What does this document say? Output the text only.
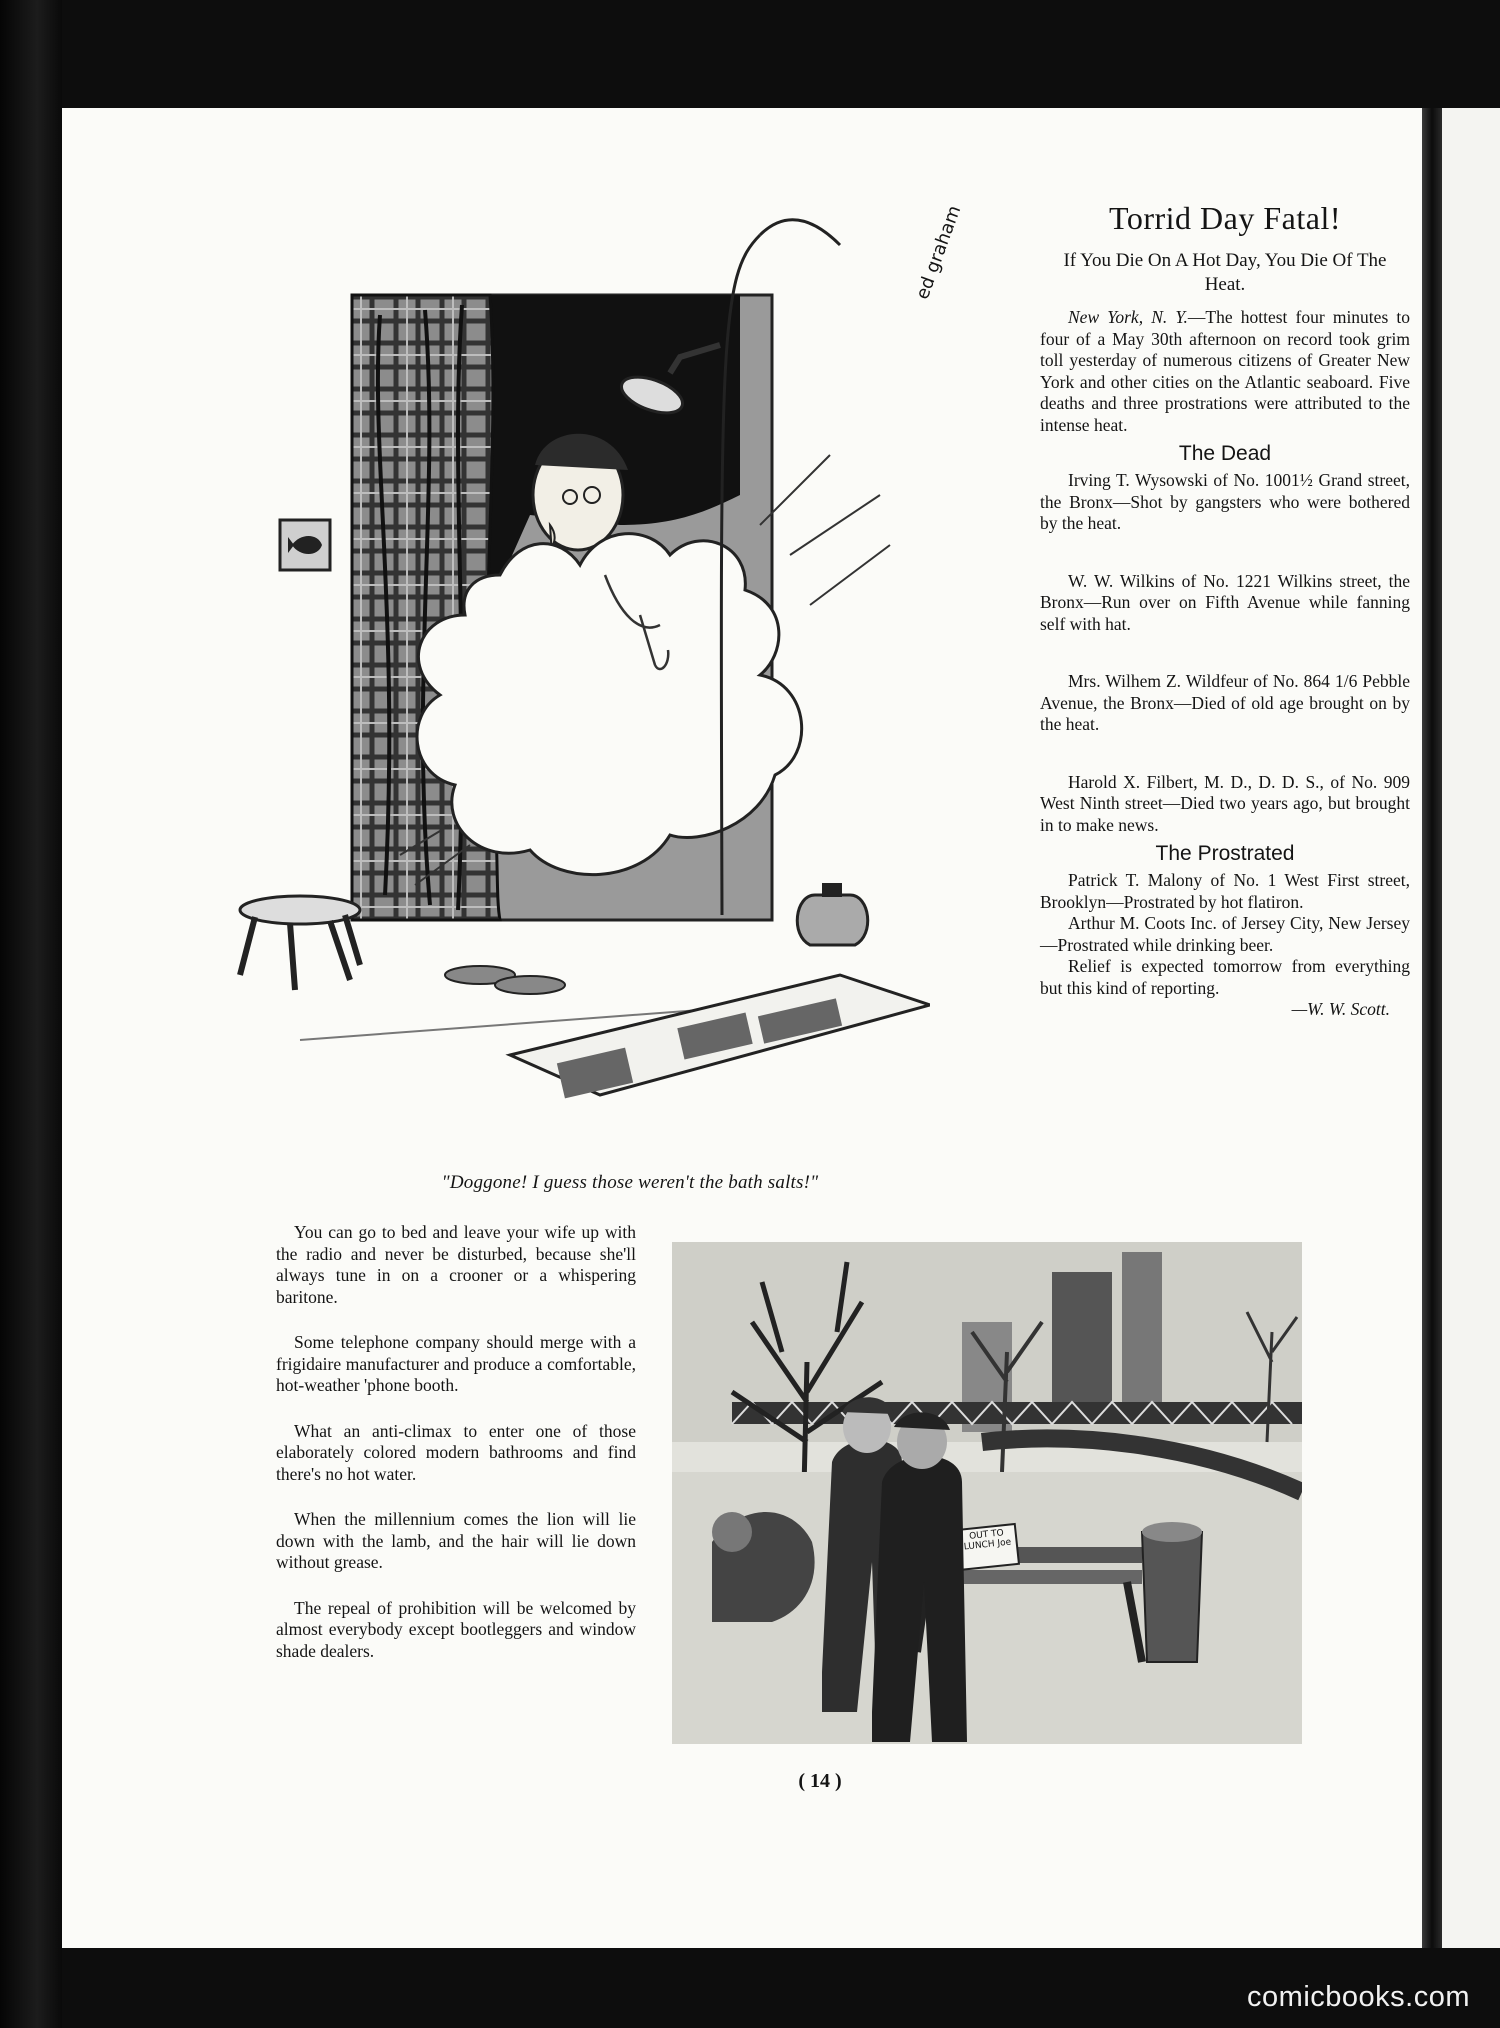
ed graham
"Doggone! I guess those weren't the bath salts!"
Torrid Day Fatal!
If You Die On A Hot Day, You Die Of The Heat.

New York, N. Y.—The hottest four minutes to four of a May 30th afternoon on record took grim toll yesterday of numerous citizens of Greater New York and other cities on the Atlantic seaboard. Five deaths and three prostrations were attributed to the intense heat.

The Dead

Irving T. Wysowski of No. 1001½ Grand street, the Bronx—Shot by gangsters who were bothered by the heat.

W. W. Wilkins of No. 1221 Wilkins street, the Bronx—Run over on Fifth Avenue while fanning self with hat.

Mrs. Wilhem Z. Wildfeur of No. 864 1/6 Pebble Avenue, the Bronx—Died of old age brought on by the heat.

Harold X. Filbert, M. D., D. D. S., of No. 909 West Ninth street—Died two years ago, but brought in to make news.

The Prostrated

Patrick T. Malony of No. 1 West First street, Brooklyn—Prostrated by hot flatiron.

Arthur M. Coots Inc. of Jersey City, New Jersey—Prostrated while drinking beer.

Relief is expected tomorrow from everything but this kind of reporting.

—W. W. Scott.

You can go to bed and leave your wife up with the radio and never be disturbed, because she'll always tune in on a crooner or a whispering baritone.

Some telephone company should merge with a frigidaire manufacturer and produce a comfortable, hot-weather 'phone booth.

What an anti-climax to enter one of those elaborately colored modern bathrooms and find there's no hot water.

When the millennium comes the lion will lie down with the lamb, and the hair will lie down without grease.

The repeal of prohibition will be welcomed by almost everybody except bootleggers and window shade dealers.

OUT TO LUNCH Joe
( 14 )
comicbooks.com
